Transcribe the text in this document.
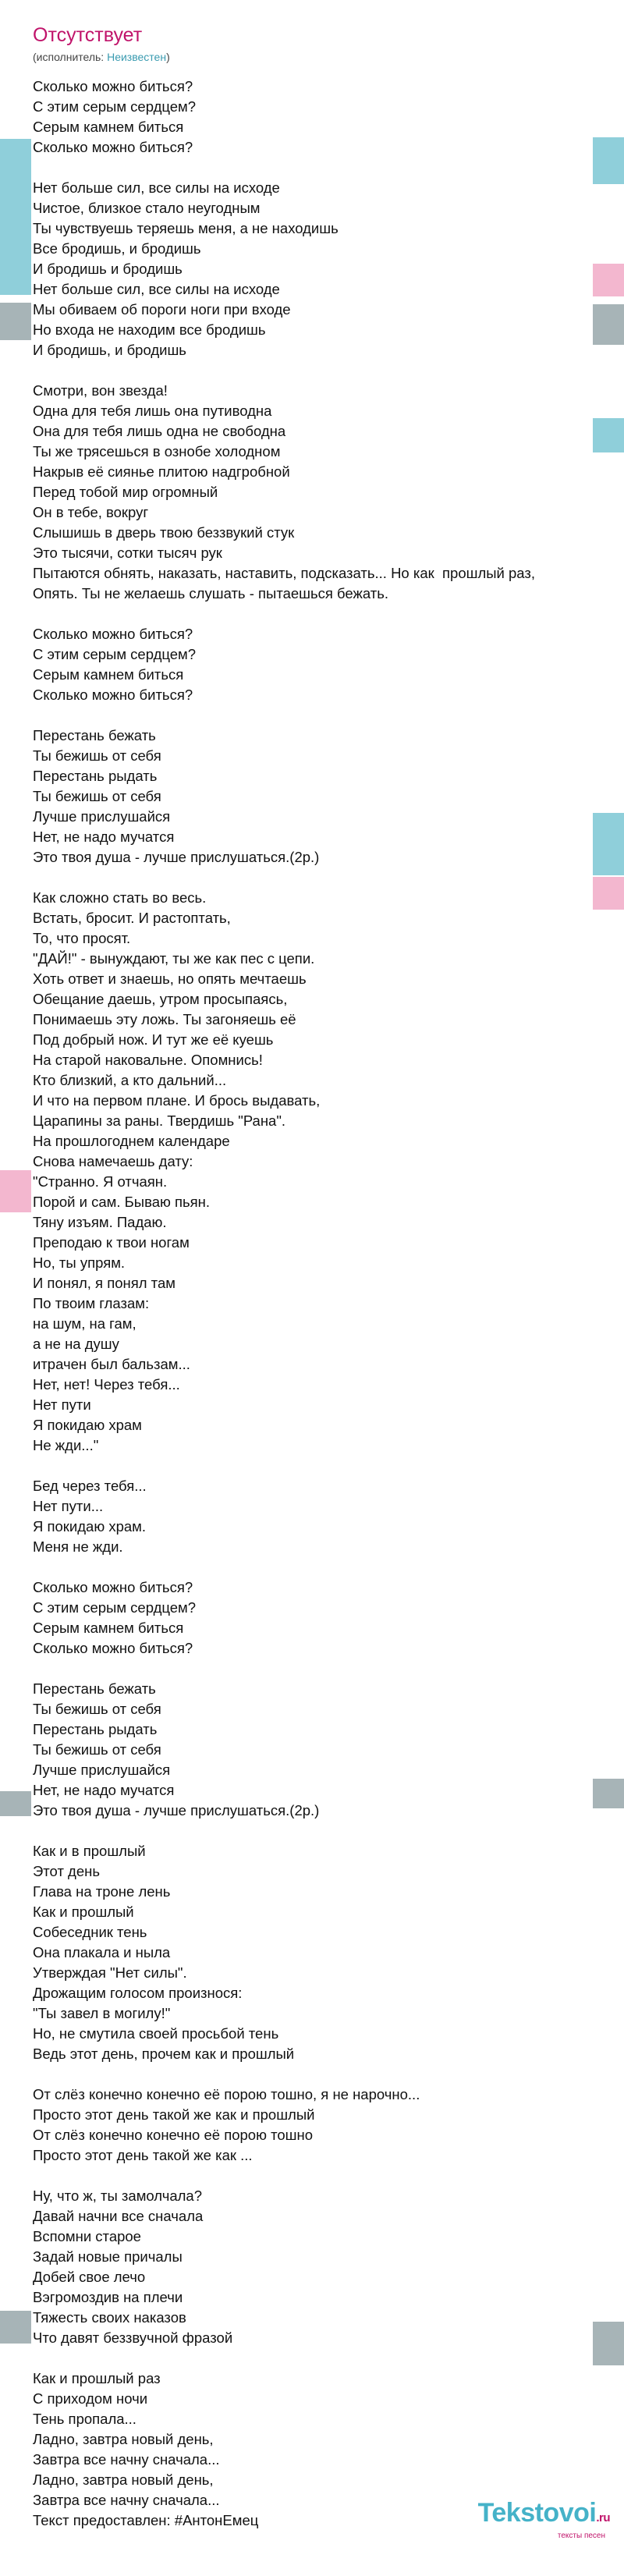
Отсутствует
(исполнитель: Неизвестен)
Сколько можно биться?
С этим серым сердцем?
Серым камнем биться
Сколько можно биться?
Нет больше сил, все силы на исходе
Чистое, близкое стало неугодным
Ты чувствуешь теряешь меня, а не находишь
Все бродишь, и бродишь
И бродишь и бродишь
Нет больше сил, все силы на исходе
Мы обиваем об пороги ноги при входе
Но входа не находим все бродишь
И бродишь, и бродишь
Смотри, вон звезда!
Одна для тебя лишь она путиводна
Она для тебя лишь одна не свободна
Ты же трясешься в ознобе холодном
Накрыв её сиянье плитою надгробной
Перед тобой мир огромный
Он в тебе, вокруг
Слышишь в дверь твою беззвукий стук
Это тысячи, сотки тысяч рук
Пытаются обнять, наказать, наставить, подсказать... Но как  прошлый раз,
Опять. Ты не желаешь слушать - пытаешься бежать.
Сколько можно биться?
С этим серым сердцем?
Серым камнем биться
Сколько можно биться?
Перестань бежать
Ты бежишь от себя
Перестань рыдать
Ты бежишь от себя
Лучше прислушайся
Нет, не надо мучатся
Это твоя душа - лучше прислушаться.(2р.)
Как сложно стать во весь.
Встать, бросит. И растоптать,
То, что просят.
"ДАЙ!" - вынуждают, ты же как пес с цепи.
Хоть ответ и знаешь, но опять мечтаешь
Обещание даешь, утром просыпаясь,
Понимаешь эту ложь. Ты загоняешь её
Под добрый нож. И тут же её куешь
На старой наковальне. Опомнись!
Кто близкий, а кто дальний...
И что на первом плане. И брось выдавать,
Царапины за раны. Твердишь "Рана".
На прошлогоднем календаре
Снова намечаешь дату:
"Странно. Я отчаян.
Порой и сам. Бываю пьян.
Тяну изъям. Падаю.
Преподаю к твои ногам
Но, ты упрям.
И понял, я понял там
По твоим глазам:
на шум, на гам,
а не на душу
итрачен был бальзам...
Нет, нет! Через тебя...
Нет пути
Я покидаю храм
Не жди..."
Бед через тебя...
Нет пути...
Я покидаю храм.
Меня не жди.
Сколько можно биться?
С этим серым сердцем?
Серым камнем биться
Сколько можно биться?
Перестань бежать
Ты бежишь от себя
Перестань рыдать
Ты бежишь от себя
Лучше прислушайся
Нет, не надо мучатся
Это твоя душа - лучше прислушаться.(2р.)
Как и в прошлый
Этот день
Глава на троне лень
Как и прошлый
Собеседник тень
Она плакала и ныла
Утверждая "Нет силы".
Дрожащим голосом произнося:
"Ты завел в могилу!"
Но, не смутила своей просьбой тень
Ведь этот день, прочем как и прошлый
От слёз конечно конечно её порою тошно, я не нарочно...
Просто этот день такой же как и прошлый
От слёз конечно конечно её порою тошно
Просто этот день такой же как ...
Ну, что ж, ты замолчала?
Давай начни все сначала
Вспомни старое
Задай новые причалы
Добей свое лечо
Вэгромоздив на плечи
Тяжесть своих наказов
Что давят беззвучной фразой
Как и прошлый раз
С приходом ночи
Тень пропала...
Ладно, завтра новый день,
Завтра все начну сначала...
Ладно, завтра новый день,
Завтра все начну сначала...
Текст предоставлен: #АнтонЕмец	Tekstovoi.ru
тексты песен
